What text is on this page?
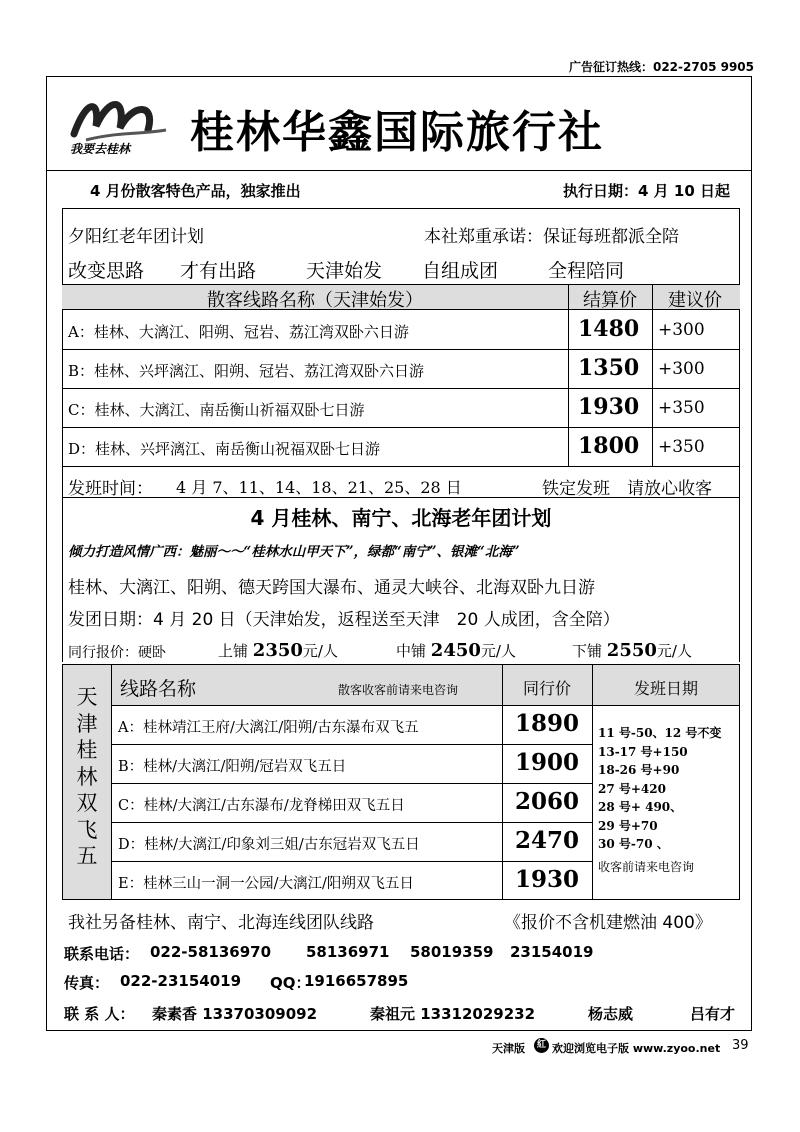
广告征订热线：022-2705 9905
我要去桂林 桂林华鑫国际旅行社
4 月份散客特色产品，独家推出	执行日期：4 月 10 日起
夕阳红老年团计划	本社郑重承诺：保证每班都派全陪
改变思路 才有出路	天津始发 自组成团	全程陪同
散客线路名称（天津始发）	结算价	建议价
A：桂林、大漓江、阳朔、冠岩、荔江湾双卧六日游	1480 +300
B：桂林、兴坪漓江、阳朔、冠岩、荔江湾双卧六日游	1350 +300
C：桂林、大漓江、南岳衡山祈福双卧七日游	1930 +350
D：桂林、兴坪漓江、南岳衡山祝福双卧七日游	1800 +350
发班时间： 4 月 7、11、14、18、21、25、28 日	铁定发班　请放心收客
4 月桂林、南宁、北海老年团计划
倾力打造风情广西：魅丽～～“桂林水山甲天下”，绿都“南宁”、银滩“北海”
桂林、大漓江、阳朔、德天跨国大瀑布、通灵大峡谷、北海双卧九日游
发团日期：4 月 20 日（天津始发，返程送至天津　20 人成团，含全陪）
同行报价：硬卧	上铺 2350元/人	中铺 2450元/人	下铺 2550元/人
天
津
桂
林
双
飞
五
线路名称	散客收客前请来电咨询	同行价	发班日期
A：桂林靖江王府/大漓江/阳朔/古东瀑布双飞五	1890
B：桂林/大漓江/阳朔/冠岩双飞五日	1900
C：桂林/大漓江/古东瀑布/龙脊梯田双飞五日	2060
D：桂林/大漓江/印象刘三姐/古东冠岩双飞五日	2470
E：桂林三山一洞一公园/大漓江/阳朔双飞五日	1930
11 号-50、12 号不变
13-17 号+150
18-26 号+90
27 号+420
28 号+ 490、
29 号+70
30 号-70 、
收客前请来电咨询
我社另备桂林、南宁、北海连线团队线路	《报价不含机建燃油 400》
联系电话： 022-58136970 58136971 58019359 23154019
传真： 022-23154019 QQ：
1916657895
联 系 人： 秦素香 13370309092	秦祖元 13312029232	杨志威	吕有才
天津版	紅 欢迎浏览电子版 www.zyoo.net 39
